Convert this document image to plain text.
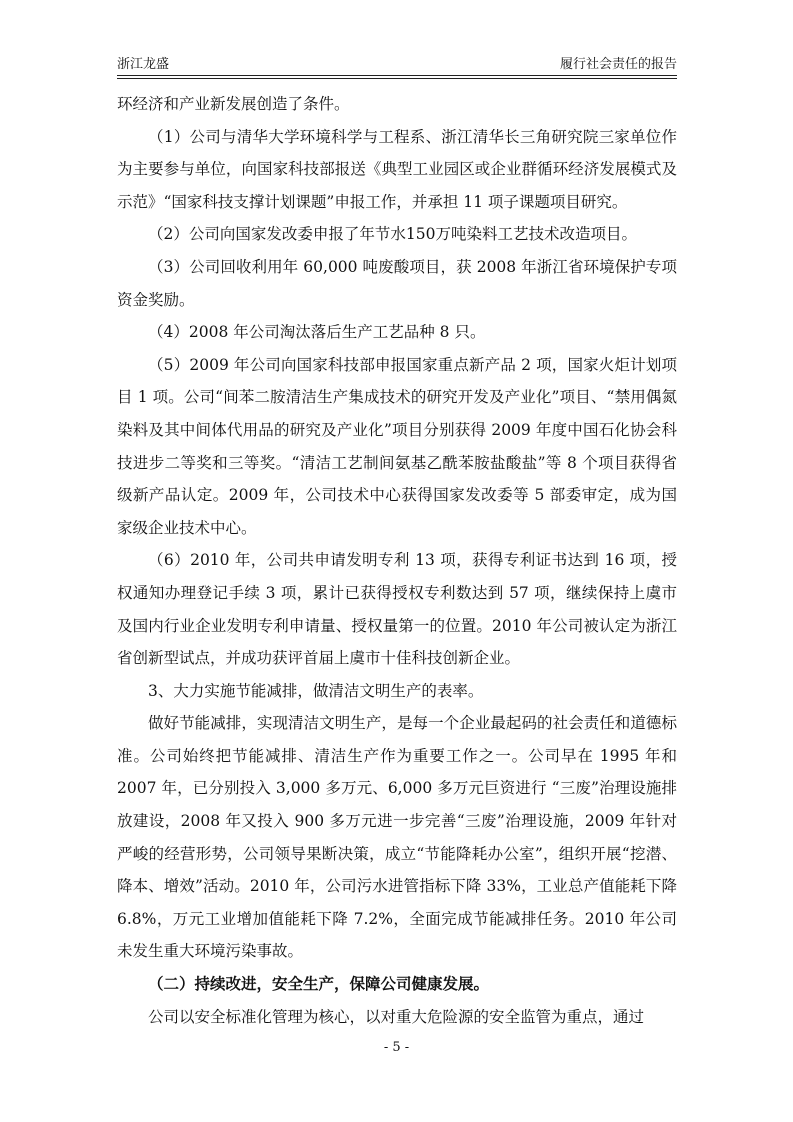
浙江龙盛	履行社会责任的报告

环经济和产业新发展创造了条件。

（1）公司与清华大学环境科学与工程系、浙江清华长三角研究院三家单位作为主要参与单位，向国家科技部报送《典型工业园区或企业群循环经济发展模式及示范》“国家科技支撑计划课题”申报工作，并承担 11 项子课题项目研究。

（2）公司向国家发改委申报了年节水150万吨染料工艺技术改造项目。

（3）公司回收利用年 60,000 吨废酸项目，获 2008 年浙江省环境保护专项资金奖励。

（4）2008 年公司淘汰落后生产工艺品种 8 只。

（5）2009 年公司向国家科技部申报国家重点新产品 2 项，国家火炬计划项目 1 项。公司“间苯二胺清洁生产集成技术的研究开发及产业化”项目、“禁用偶氮染料及其中间体代用品的研究及产业化”项目分别获得 2009 年度中国石化协会科技进步二等奖和三等奖。“清洁工艺制间氨基乙酰苯胺盐酸盐”等 8 个项目获得省级新产品认定。2009 年，公司技术中心获得国家发改委等 5 部委审定，成为国家级企业技术中心。

（6）2010 年，公司共申请发明专利 13 项，获得专利证书达到 16 项，授权通知办理登记手续 3 项，累计已获得授权专利数达到 57 项，继续保持上虞市及国内行业企业发明专利申请量、授权量第一的位置。2010 年公司被认定为浙江省创新型试点，并成功获评首届上虞市十佳科技创新企业。

3、大力实施节能减排，做清洁文明生产的表率。

做好节能减排，实现清洁文明生产，是每一个企业最起码的社会责任和道德标准。公司始终把节能减排、清洁生产作为重要工作之一。公司早在 1995 年和 2007 年，已分别投入 3,000 多万元、6,000 多万元巨资进行 “三废”治理设施排放建设，2008 年又投入 900 多万元进一步完善“三废”治理设施，2009 年针对严峻的经营形势，公司领导果断决策，成立“节能降耗办公室”，组织开展“挖潜、降本、增效”活动。2010 年，公司污水进管指标下降 33%，工业总产值能耗下降 6.8%，万元工业增加值能耗下降 7.2%，全面完成节能减排任务。2010 年公司未发生重大环境污染事故。

（二）持续改进，安全生产，保障公司健康发展。

公司以安全标准化管理为核心，以对重大危险源的安全监管为重点，通过

- 5 -
